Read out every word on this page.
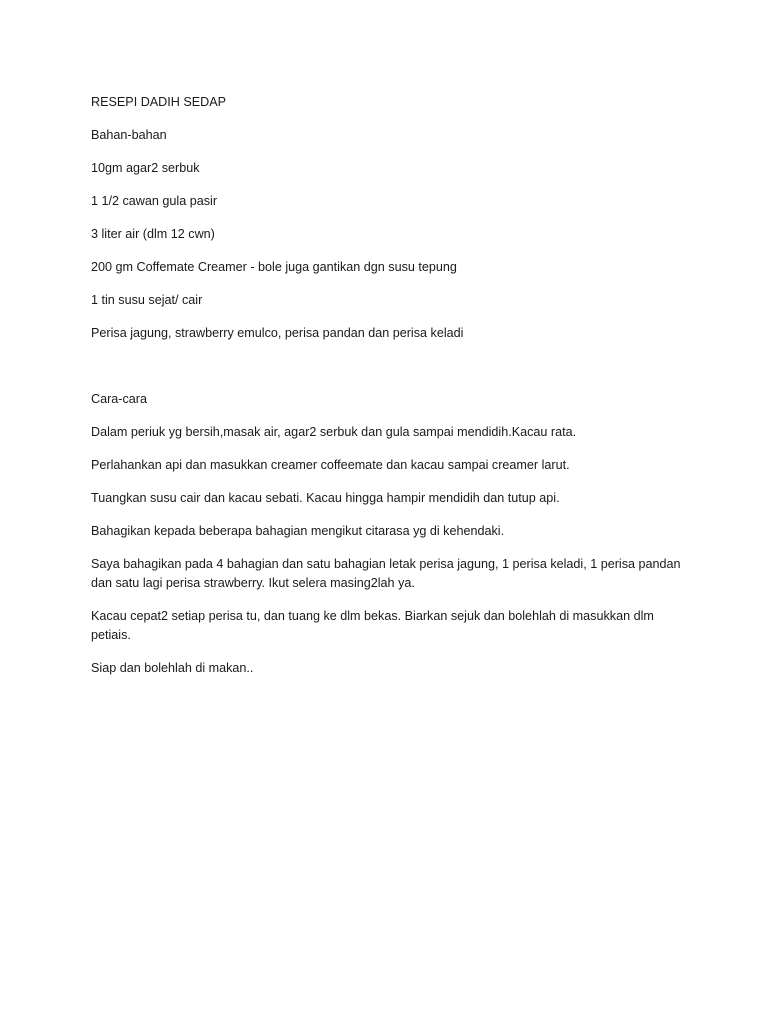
RESEPI DADIH SEDAP

Bahan-bahan

10gm agar2 serbuk

1 1/2 cawan gula pasir

3 liter air (dlm 12 cwn)

200 gm Coffemate Creamer - bole juga gantikan dgn susu tepung

1 tin susu sejat/ cair

Perisa jagung, strawberry emulco, perisa pandan dan perisa keladi

Cara-cara

Dalam periuk yg bersih,masak air, agar2 serbuk dan gula sampai mendidih.Kacau rata.

Perlahankan api dan masukkan creamer coffeemate dan kacau sampai creamer larut.

Tuangkan susu cair dan kacau sebati. Kacau hingga hampir mendidih dan tutup api.

Bahagikan kepada beberapa bahagian mengikut citarasa yg di kehendaki.

Saya bahagikan pada 4 bahagian dan satu bahagian letak perisa jagung, 1 perisa keladi, 1 perisa pandan dan satu lagi perisa strawberry. Ikut selera masing2lah ya.

Kacau cepat2 setiap perisa tu, dan tuang ke dlm bekas. Biarkan sejuk dan bolehlah di masukkan dlm petiais.

Siap dan bolehlah di makan..
